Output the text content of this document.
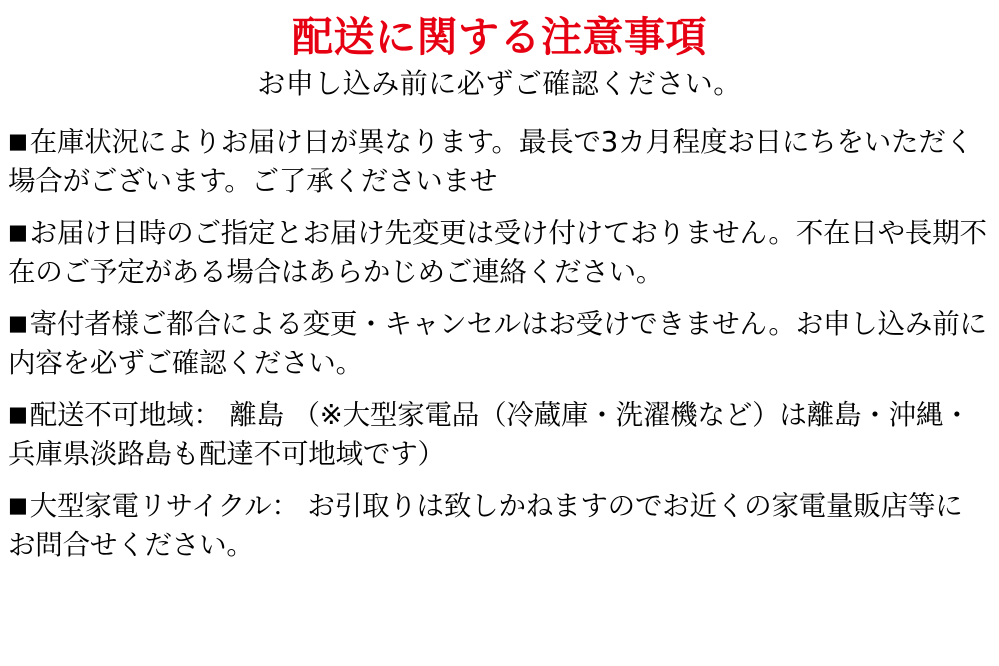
配送に関する注意事項
お申し込み前に必ずご確認ください。
■在庫状況によりお届け日が異なります。最長で3カ月程度お日にちをいただく場合がございます。ご了承くださいませ
■お届け日時のご指定とお届け先変更は受け付けておりません。不在日や長期不在のご予定がある場合はあらかじめご連絡ください。
■寄付者様ご都合による変更・キャンセルはお受けできません。お申し込み前に内容を必ずご確認ください。
■配送不可地域： 離島 （※大型家電品（冷蔵庫・洗濯機など）は離島・沖縄・兵庫県淡路島も配達不可地域です）
■大型家電リサイクル： お引取りは致しかねますのでお近くの家電量販店等にお問合せください。
